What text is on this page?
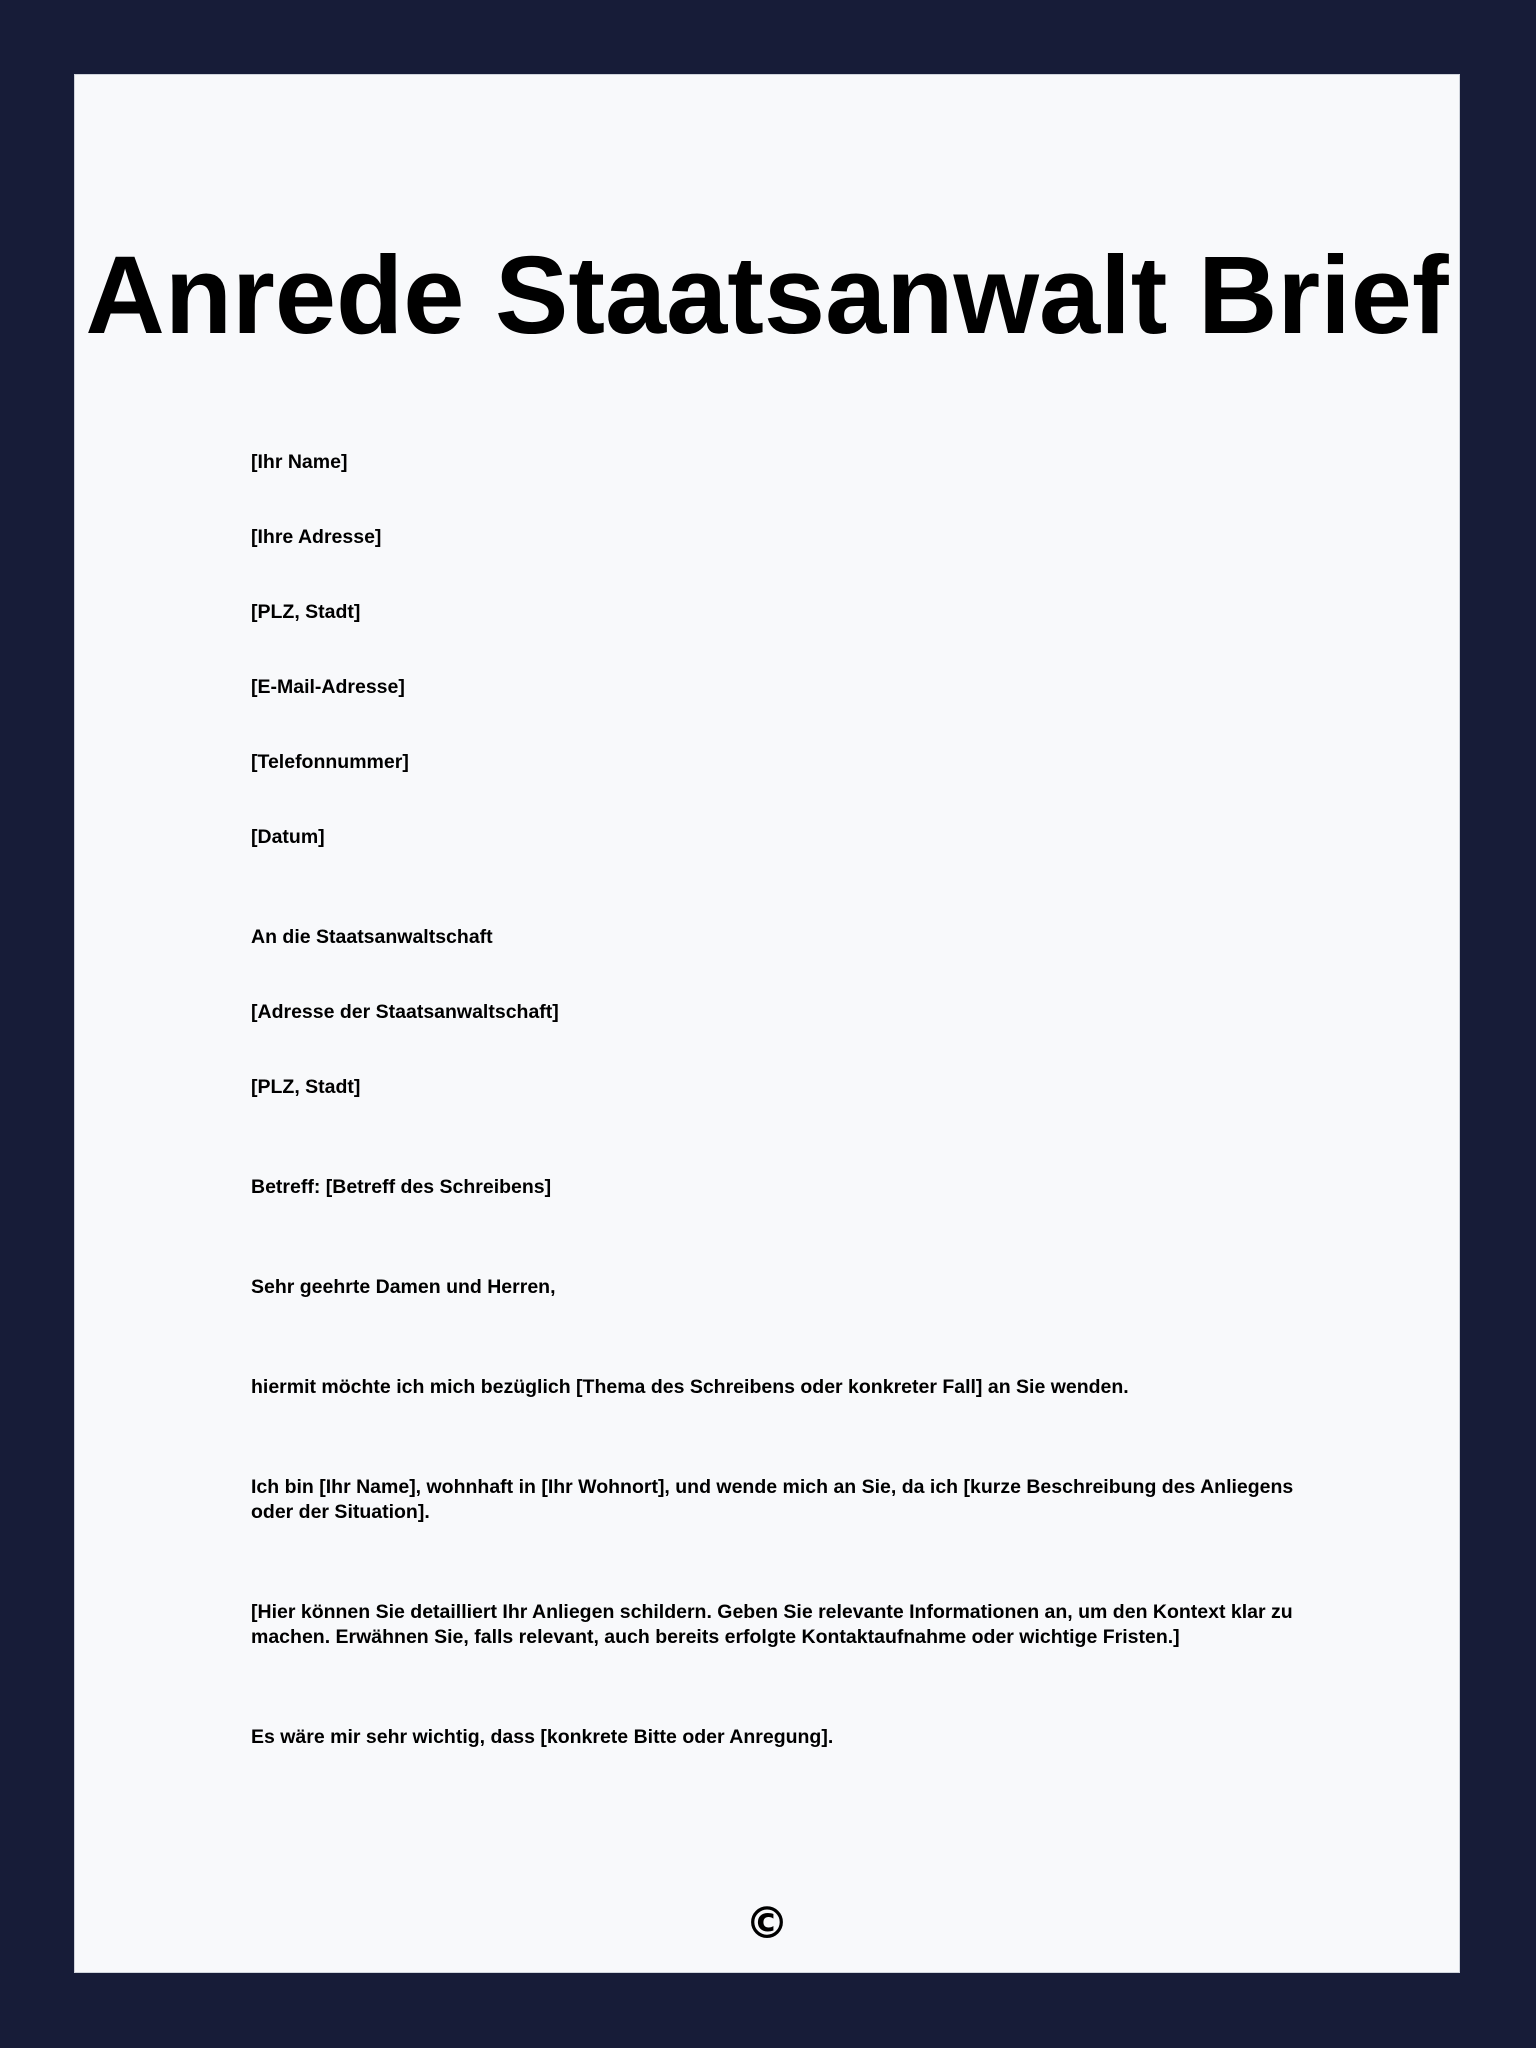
Anrede Staatsanwalt Brief

[Ihr Name]

[Ihre Adresse]

[PLZ, Stadt]

[E-Mail-Adresse]

[Telefonnummer]

[Datum]

An die Staatsanwaltschaft

[Adresse der Staatsanwaltschaft]

[PLZ, Stadt]

Betreff: [Betreff des Schreibens]

Sehr geehrte Damen und Herren,

hiermit möchte ich mich bezüglich [Thema des Schreibens oder konkreter Fall] an Sie wenden.

Ich bin [Ihr Name], wohnhaft in [Ihr Wohnort], und wende mich an Sie, da ich [kurze Beschreibung des Anliegens oder der Situation].

[Hier können Sie detailliert Ihr Anliegen schildern. Geben Sie relevante Informationen an, um den Kontext klar zu machen. Erwähnen Sie, falls relevant, auch bereits erfolgte Kontaktaufnahme oder wichtige Fristen.]

Es wäre mir sehr wichtig, dass [konkrete Bitte oder Anregung].

©
